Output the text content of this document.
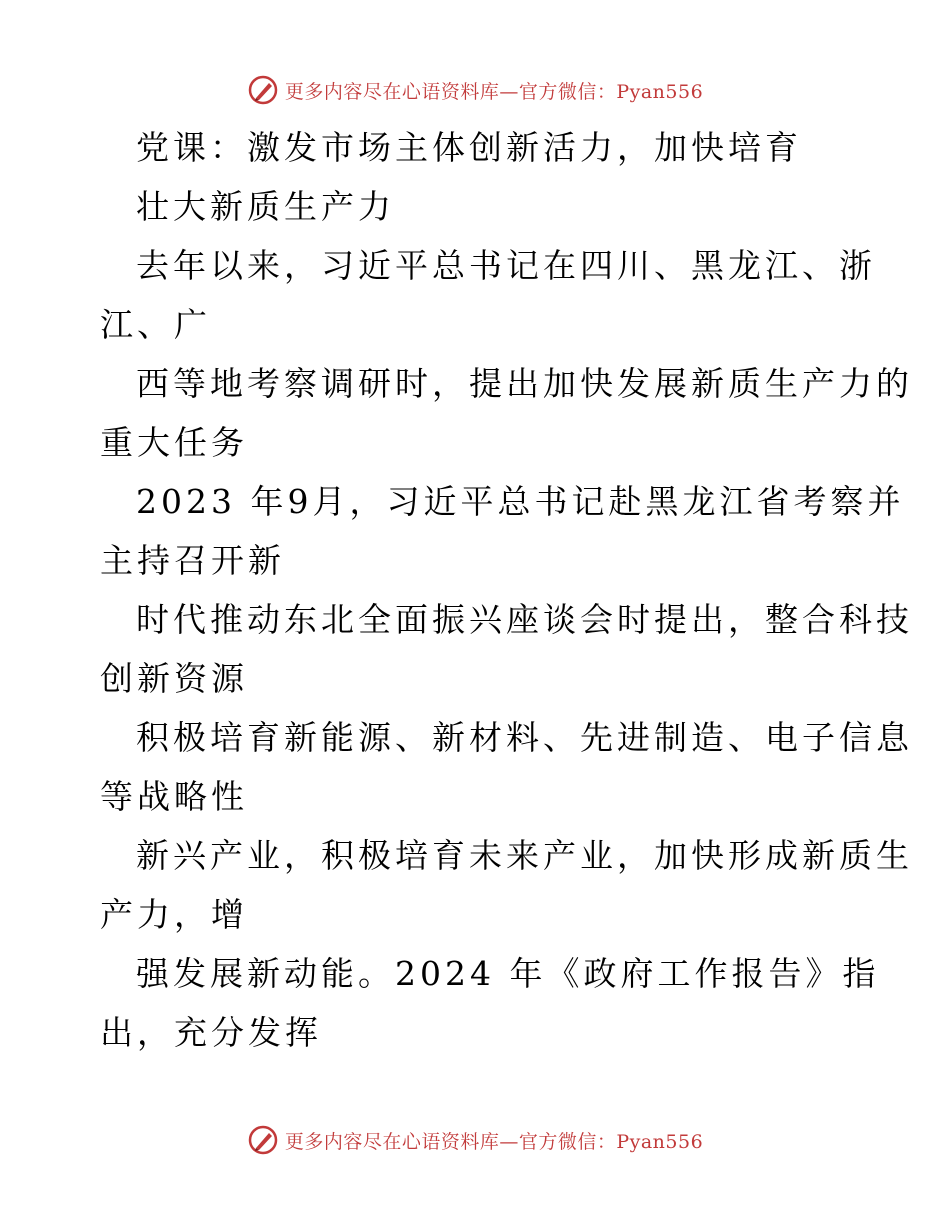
更多内容尽在心语资料库—官方微信：Pyan556
党课：激发市场主体创新活力，加快培育
壮大新质生产力
去年以来，习近平总书记在四川、黑龙江、浙
江、广
西等地考察调研时，提出加快发展新质生产力的
重大任务
2023 年9月，习近平总书记赴黑龙江省考察并
主持召开新
时代推动东北全面振兴座谈会时提出，整合科技
创新资源
积极培育新能源、新材料、先进制造、电子信息
等战略性
新兴产业，积极培育未来产业，加快形成新质生
产力，增
强发展新动能。2024 年《政府工作报告》指
出，充分发挥
更多内容尽在心语资料库—官方微信：Pyan556
